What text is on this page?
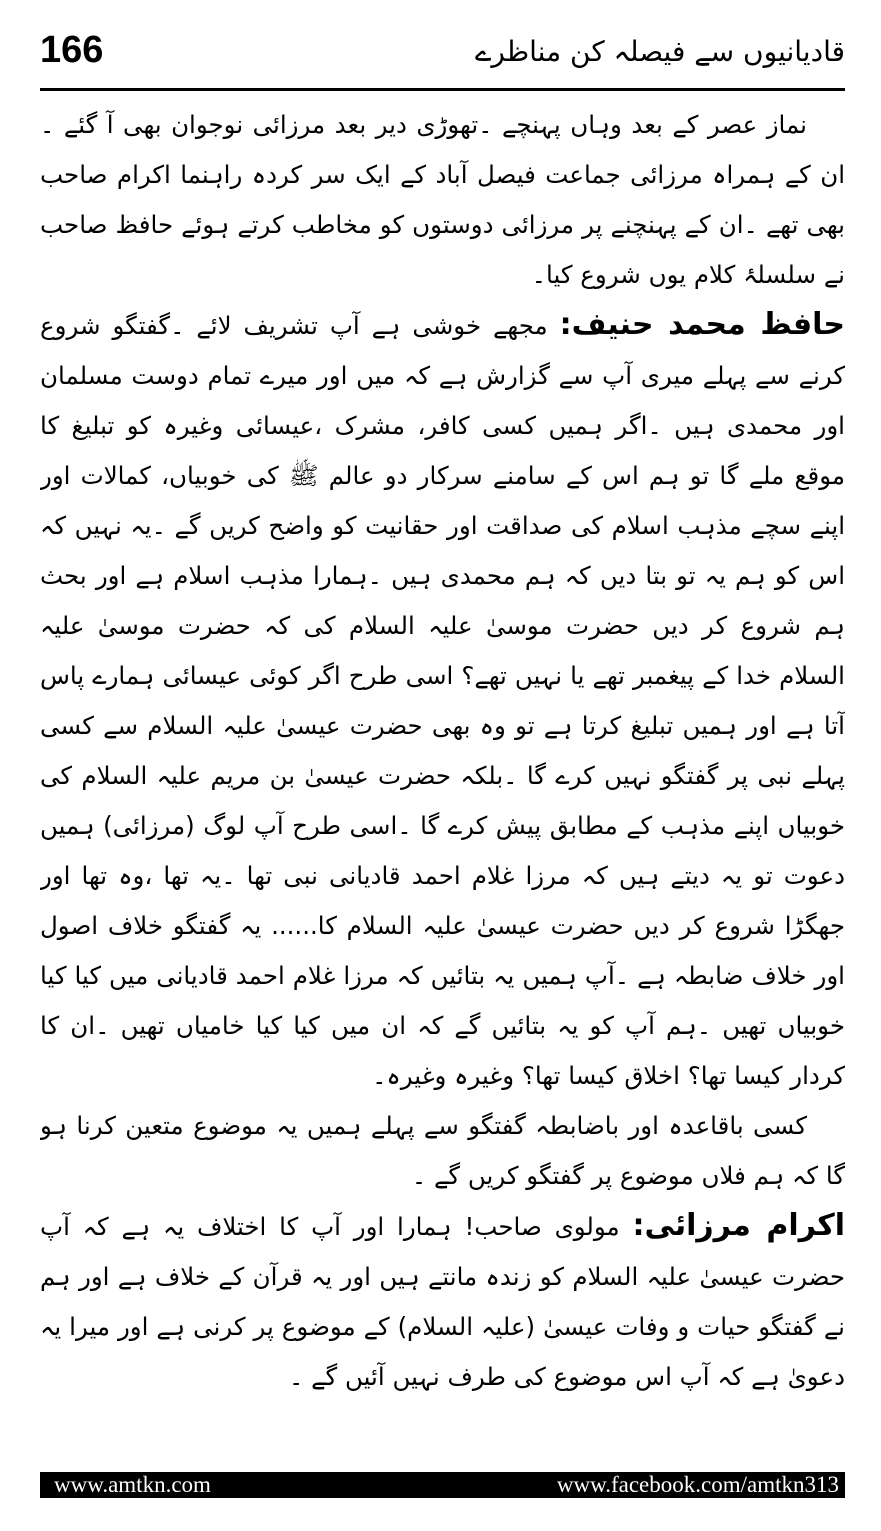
166	قادیانیوں سے فیصلہ کن مناظرے

نماز عصر کے بعد وہاں پہنچے ۔تھوڑی دیر بعد مرزائی نوجوان بھی آ گئے ۔ان کے ہمراہ مرزائی جماعت فیصل آباد کے ایک سر کردہ راہنما اکرام صاحب بھی تھے ۔ان کے پہنچنے پر مرزائی دوستوں کو مخاطب کرتے ہوئے حافظ صاحب نے سلسلۂ کلام یوں شروع کیا۔

حافظ محمد حنیف: مجھے خوشی ہے آپ تشریف لائے ۔گفتگو شروع کرنے سے پہلے میری آپ سے گزارش ہے کہ میں اور میرے تمام دوست مسلمان اور محمدی ہیں ۔اگر ہمیں کسی کافر، مشرک ،عیسائی وغیرہ کو تبلیغ کا موقع ملے گا تو ہم اس کے سامنے سرکار دو عالم ﷺ کی خوبیاں، کمالات اور اپنے سچے مذہب اسلام کی صداقت اور حقانیت کو واضح کریں گے ۔یہ نہیں کہ اس کو ہم یہ تو بتا دیں کہ ہم محمدی ہیں ۔ہمارا مذہب اسلام ہے اور بحث ہم شروع کر دیں حضرت موسیٰ علیہ السلام کی کہ حضرت موسیٰ علیہ السلام خدا کے پیغمبر تھے یا نہیں تھے؟ اسی طرح اگر کوئی عیسائی ہمارے پاس آتا ہے اور ہمیں تبلیغ کرتا ہے تو وہ بھی حضرت عیسیٰ علیہ السلام سے کسی پہلے نبی پر گفتگو نہیں کرے گا ۔بلکہ حضرت عیسیٰ بن مریم علیہ السلام کی خوبیاں اپنے مذہب کے مطابق پیش کرے گا ۔اسی طرح آپ لوگ (مرزائی) ہمیں دعوت تو یہ دیتے ہیں کہ مرزا غلام احمد قادیانی نبی تھا ۔یہ تھا ،وہ تھا اور جھگڑا شروع کر دیں حضرت عیسیٰ علیہ السلام کا...... یہ گفتگو خلاف اصول اور خلاف ضابطہ ہے ۔آپ ہمیں یہ بتائیں کہ مرزا غلام احمد قادیانی میں کیا کیا خوبیاں تھیں ۔ہم آپ کو یہ بتائیں گے کہ ان میں کیا کیا خامیاں تھیں ۔ان کا کردار کیسا تھا؟ اخلاق کیسا تھا؟ وغیرہ وغیرہ۔

کسی باقاعدہ اور باضابطہ گفتگو سے پہلے ہمیں یہ موضوع متعین کرنا ہو گا کہ ہم فلاں موضوع پر گفتگو کریں گے ۔

اکرام مرزائی: مولوی صاحب! ہمارا اور آپ کا اختلاف یہ ہے کہ آپ حضرت عیسیٰ علیہ السلام کو زندہ مانتے ہیں اور یہ قرآن کے خلاف ہے اور ہم نے گفتگو حیات و وفات عیسیٰ (علیہ السلام) کے موضوع پر کرنی ہے اور میرا یہ دعویٰ ہے کہ آپ اس موضوع کی طرف نہیں آئیں گے ۔

www.amtkn.com	www.facebook.com/amtkn313
